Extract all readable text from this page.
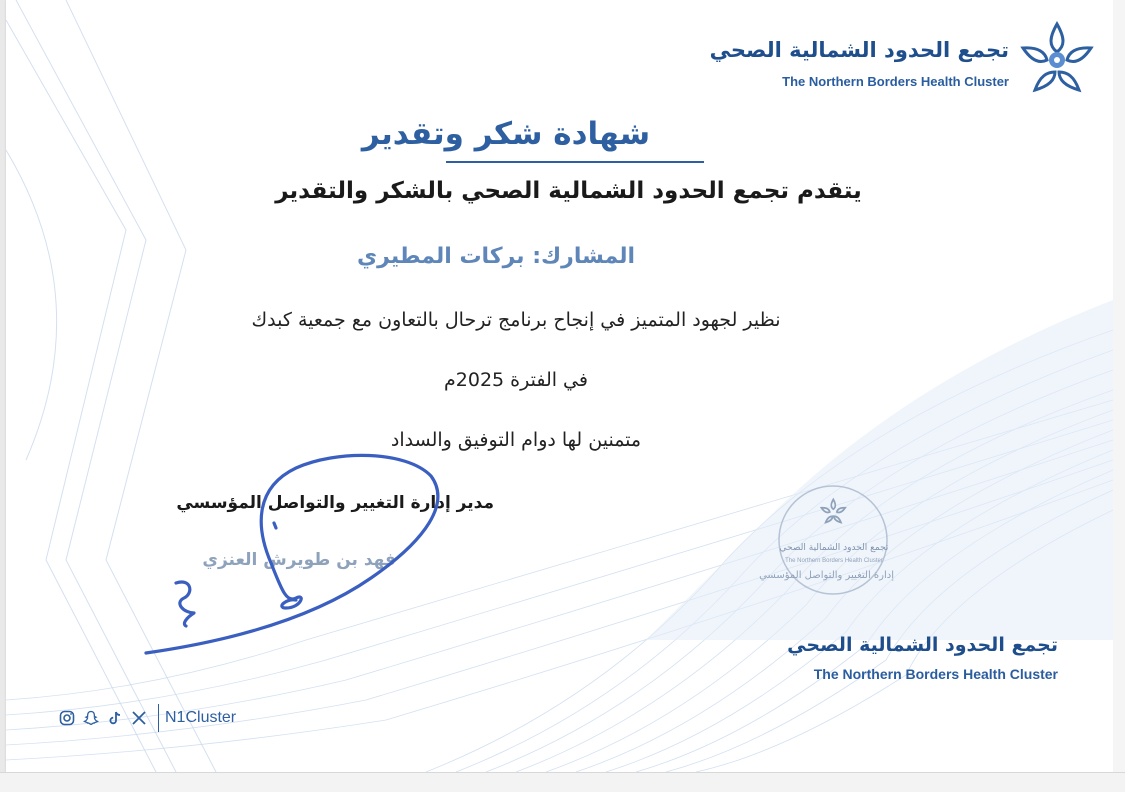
تجمع الحدود الشمالية الصحي
The Northern Borders Health Cluster
شهادة شكر وتقدير
يتقدم تجمع الحدود الشمالية الصحي بالشكر والتقدير
المشارك: بركات المطيري
نظير لجهود المتميز في إنجاح برنامج ترحال بالتعاون مع جمعية كبدك
في الفترة 2025م
متمنين لها دوام التوفيق والسداد
تجمع الحدود الشمالية الصحي
The Northern Borders Health Cluster
إدارة التغيير والتواصل المؤسسي
مدير إدارة التغيير والتواصل المؤسسي
فهد بن طويرش العنزي
تجمع الحدود الشمالية الصحي
The Northern Borders Health Cluster
N1Cluster
